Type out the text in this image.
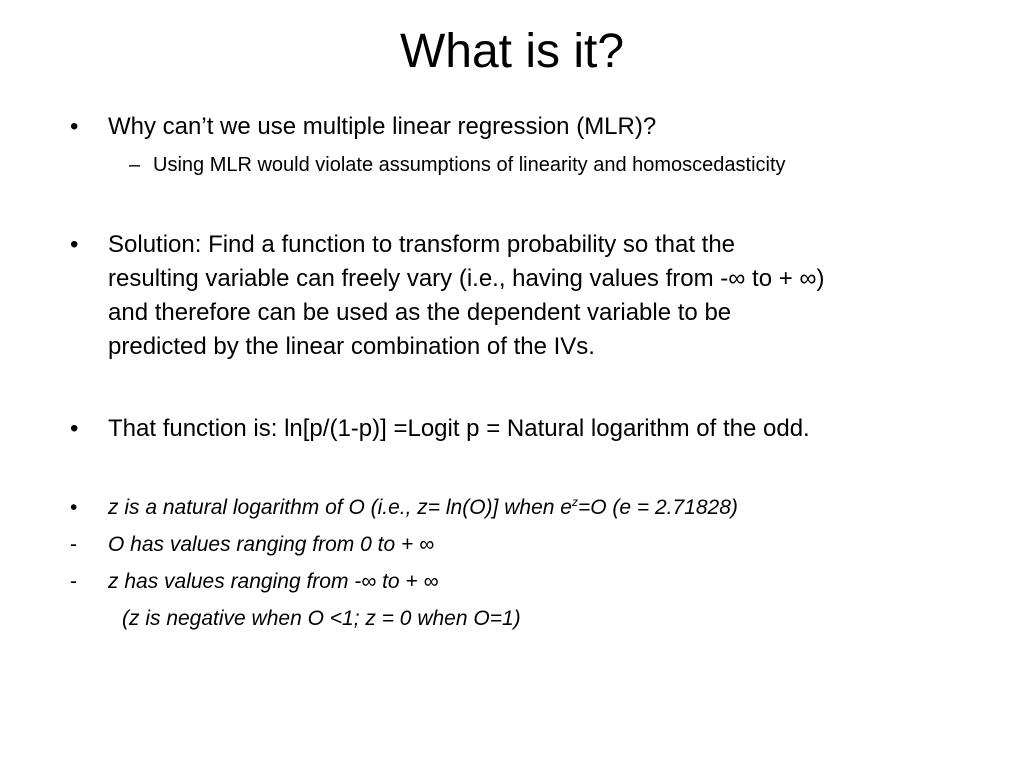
What is it?
• Why can’t we use multiple linear regression (MLR)?
– Using MLR would violate assumptions of linearity and homoscedasticity
• Solution: Find a function to transform probability so that the
resulting variable can freely vary (i.e., having values from -∞ to + ∞)
and therefore can be used as the dependent variable to be
predicted by the linear combination of the IVs.
• That function is: ln[p/(1-p)] =Logit p = Natural logarithm of the odd.
• z is a natural logarithm of O (i.e., z= ln(O)] when $e^z=O$ (e = 2.71828)
- O has values ranging from 0 to + ∞
- z has values ranging from -∞ to + ∞
(z is negative when O <1; z = 0 when O=1)
